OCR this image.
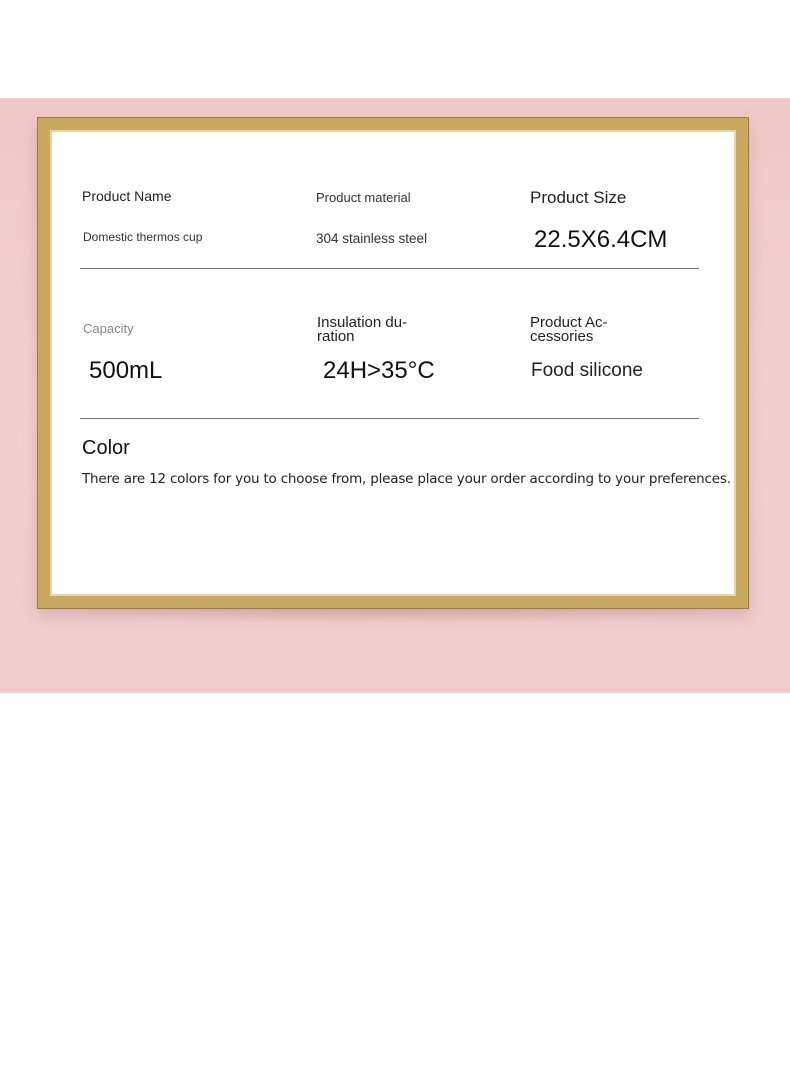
Product Name
Domestic thermos cup
Product material
304 stainless steel
Product Size
22.5X6.4CM
Capacity
500mL
Insulation du-ration
24H>35°C
Product Ac-cessories
Food silicone
Color
There are 12 colors for you to choose from, please place your order according to your preferences.
